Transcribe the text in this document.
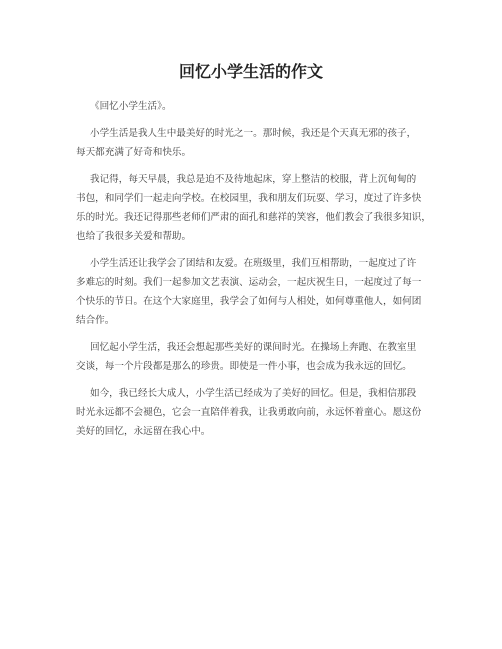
回忆小学生活的作文

《回忆小学生活》。

小学生活是我人生中最美好的时光之一。那时候，我还是个天真无邪的孩子，
每天都充满了好奇和快乐。

我记得，每天早晨，我总是迫不及待地起床，穿上整洁的校服，背上沉甸甸的
书包，和同学们一起走向学校。在校园里，我和朋友们玩耍、学习，度过了许多快
乐的时光。我还记得那些老师们严肃的面孔和慈祥的笑容，他们教会了我很多知识，
也给了我很多关爱和帮助。

小学生活还让我学会了团结和友爱。在班级里，我们互相帮助，一起度过了许
多难忘的时刻。我们一起参加文艺表演、运动会，一起庆祝生日，一起度过了每一
个快乐的节日。在这个大家庭里，我学会了如何与人相处，如何尊重他人，如何团
结合作。

回忆起小学生活，我还会想起那些美好的课间时光。在操场上奔跑、在教室里
交谈，每一个片段都是那么的珍贵。即使是一件小事，也会成为我永远的回忆。

如今，我已经长大成人，小学生活已经成为了美好的回忆。但是，我相信那段
时光永远都不会褪色，它会一直陪伴着我，让我勇敢向前，永远怀着童心。愿这份
美好的回忆，永远留在我心中。
